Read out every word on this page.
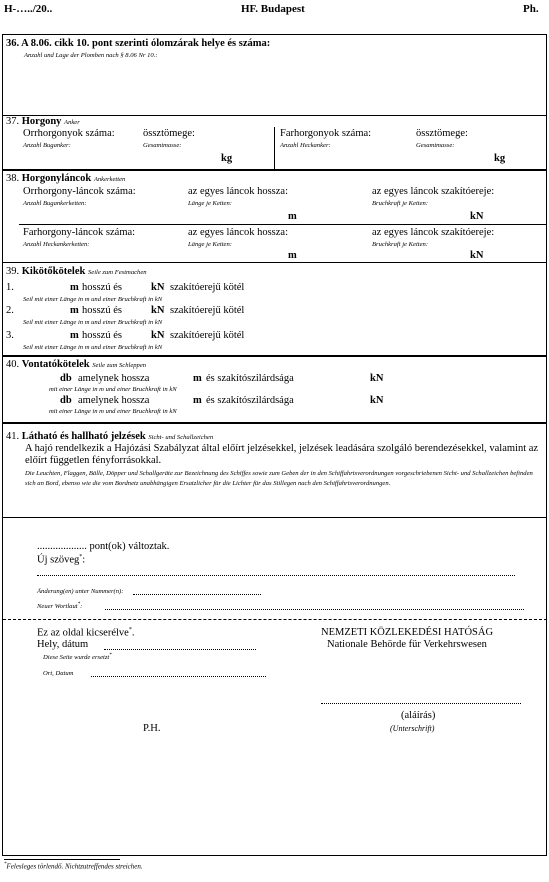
H-…../20..	HF. Budapest	Ph.
36. A 8.06. cikk 10. pont szerinti ólomzárak helye és száma:
Anzahl und Lage der Plomben nach § 8.06 Nr 10.:
37. Horgony Anker
Orrhorgonyok száma:
Anzahl Buganker:
össztömege:
Gesamtmasse:
kg
Farhorgonyok száma:
Anzahl Heckanker:
össztömege:
Gesamtmasse:
kg
38. Horgonyláncok Ankerketten
Orrhorgony-láncok száma:
Anzahl Bugankerketten:
az egyes láncok hossza:
Länge je Ketten:
m
az egyes láncok szakítóereje:
Bruchkraft je Ketten:
kN
Farhorgony-láncok száma:
Anzahl Heckankerketten:
az egyes láncok hossza:
Länge je Ketten:
m
az egyes láncok szakítóereje:
Bruchkraft je Ketten:
kN
39. Kikötőkötelek Seile zum Festmachen
1.	m hosszú és	kN szakítóerejű kötél
Seil mit einer Länge in m und einer Bruchkraft in kN
2.	m hosszú és	kN szakítóerejű kötél
Seil mit einer Länge in m und einer Bruchkraft in kN
3.	m hosszú és	kN szakítóerejű kötél
Seil mit einer Länge in m und einer Bruchkraft in kN
40. Vontatókötelek Seile zum Schleppen
db amelynek hossza	m és szakítószilárdsága	kN
mit einer Länge in m und einer Bruchkraft in kN
db amelynek hossza	m és szakítószilárdsága	kN
mit einer Länge in m und einer Bruchkraft in kN
41. Látható és hallható jelzések Sicht- und Schallzeichen
A hajó rendelkezik a Hajózási Szabályzat által előírt jelzésekkel, jelzések leadására szolgáló berendezésekkel, valamint az előírt független fényforrásokkal.
Die Leuchten, Flaggen, Bälle, Döpper und Schallgeräte zur Bezeichnung des Schiffes sowie zum Geben der in den Schiffahrtsverordnungen vorgeschriebenen Sicht- und Schallzeichen befinden sich an Bord, ebenso wie die vom Bordnetz unabhängigen Ersatzlicher für die Lichter für das Stillegen nach den Schiffahrtsverordnungen.
................... pont(ok) változtak.
Új szöveg*:
Änderung(en) unter Nummer(n):
Neuer Wortlaut*:
Ez az oldal kicserélve*.
Hely, dátum
Diese Seite wurde ersetzt*
Ort, Datum
NEMZETI KÖZLEKEDÉSI HATÓSÁG
Nationale Behörde für Verkehrswesen
(aláírás)
(Unterschrift)
P.H.
*Felesleges törlendő. Nichtzutreffendes streichen.
